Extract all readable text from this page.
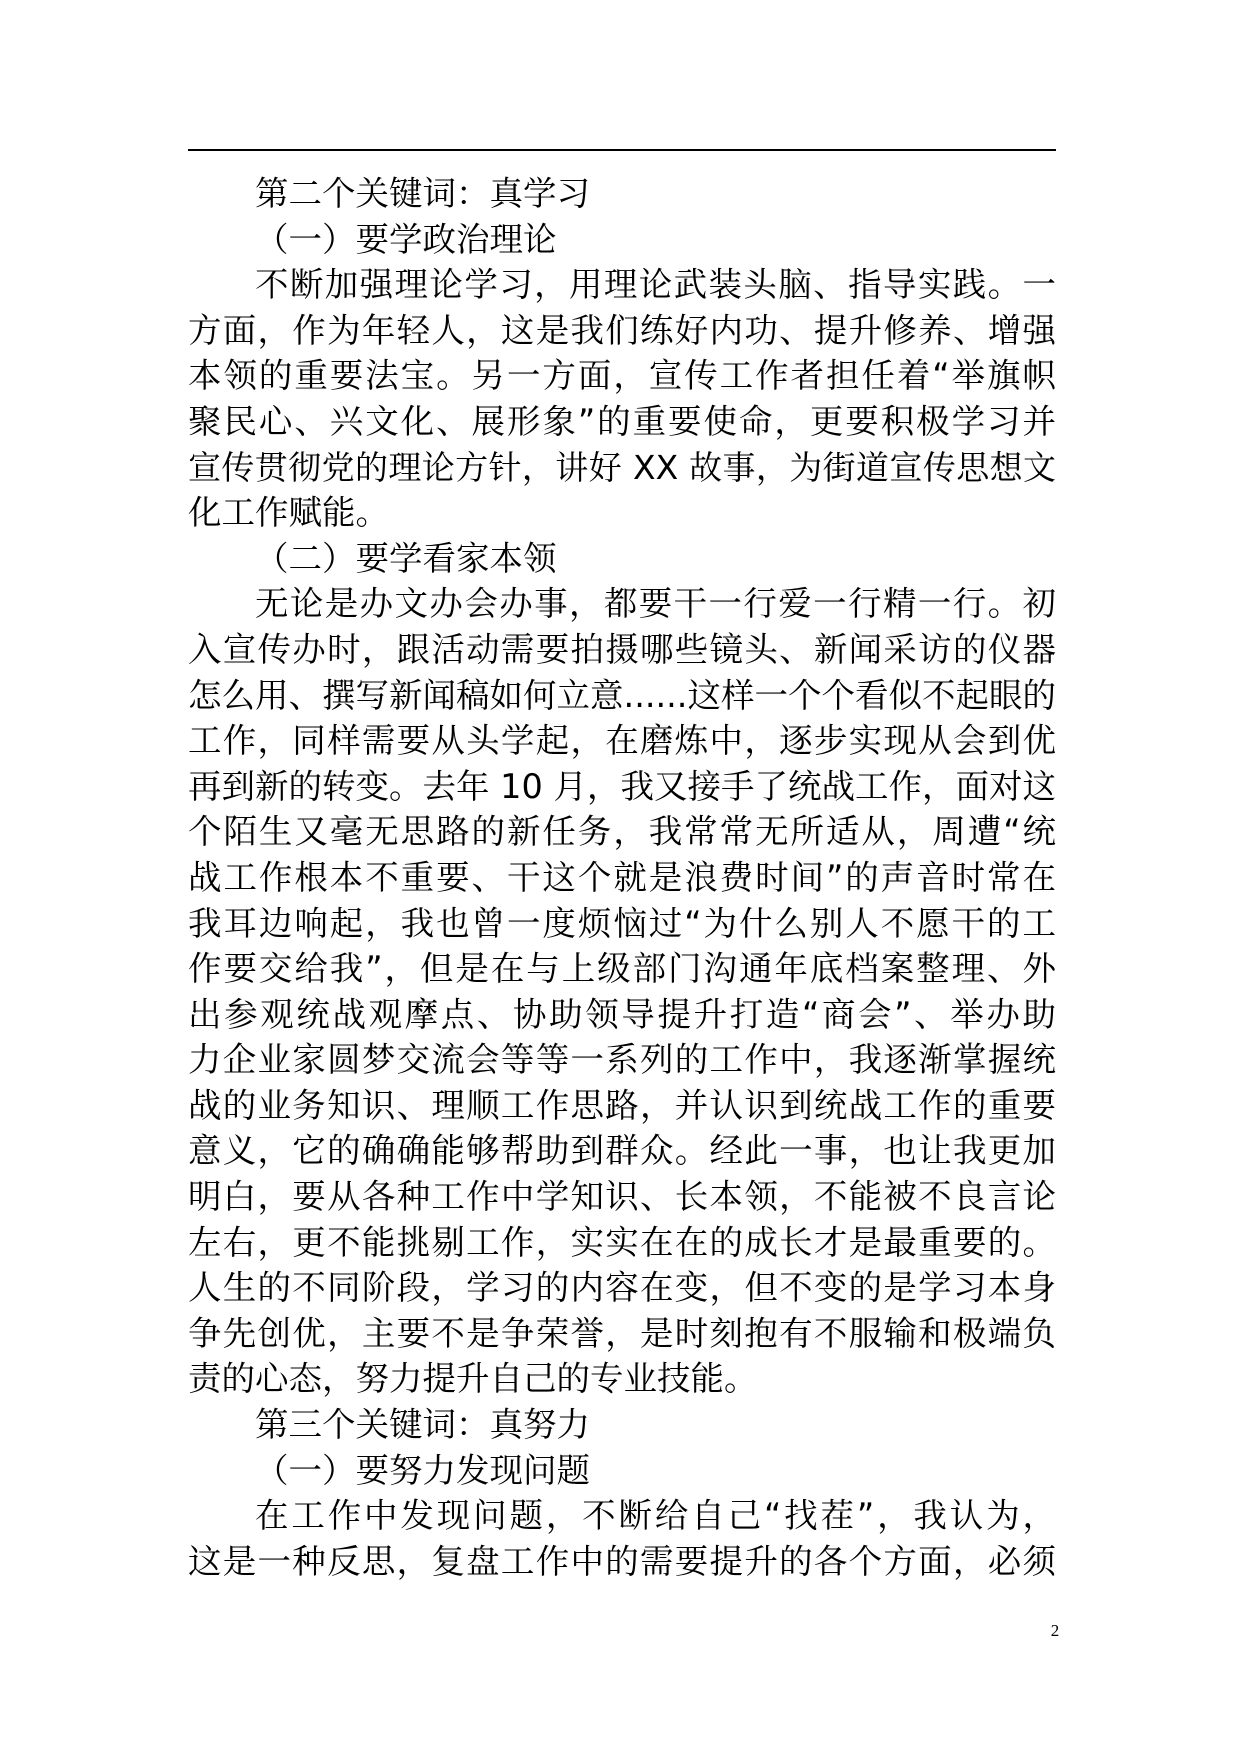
第二个关键词：真学习
（一）要学政治理论
不断加强理论学习，用理论武装头脑、指导实践。一
方面，作为年轻人，这是我们练好内功、提升修养、增强
本领的重要法宝。另一方面，宣传工作者担任着“举旗帜
聚民心、兴文化、展形象”的重要使命，更要积极学习并
宣传贯彻党的理论方针，讲好 XX 故事，为街道宣传思想文
化工作赋能。
（二）要学看家本领
无论是办文办会办事，都要干一行爱一行精一行。初
入宣传办时，跟活动需要拍摄哪些镜头、新闻采访的仪器
怎么用、撰写新闻稿如何立意......这样一个个看似不起眼的
工作，同样需要从头学起，在磨炼中，逐步实现从会到优
再到新的转变。去年 10 月，我又接手了统战工作，面对这
个陌生又毫无思路的新任务，我常常无所适从，周遭“统
战工作根本不重要、干这个就是浪费时间”的声音时常在
我耳边响起，我也曾一度烦恼过“为什么别人不愿干的工
作要交给我”，但是在与上级部门沟通年底档案整理、外
出参观统战观摩点、协助领导提升打造“商会”、举办助
力企业家圆梦交流会等等一系列的工作中，我逐渐掌握统
战的业务知识、理顺工作思路，并认识到统战工作的重要
意义，它的确确能够帮助到群众。经此一事，也让我更加
明白，要从各种工作中学知识、长本领，不能被不良言论
左右，更不能挑剔工作，实实在在的成长才是最重要的。
人生的不同阶段，学习的内容在变，但不变的是学习本身
争先创优，主要不是争荣誉，是时刻抱有不服输和极端负
责的心态，努力提升自己的专业技能。
第三个关键词：真努力
（一）要努力发现问题
在工作中发现问题，不断给自己“找茬”，我认为，
这是一种反思，复盘工作中的需要提升的各个方面，必须
2
